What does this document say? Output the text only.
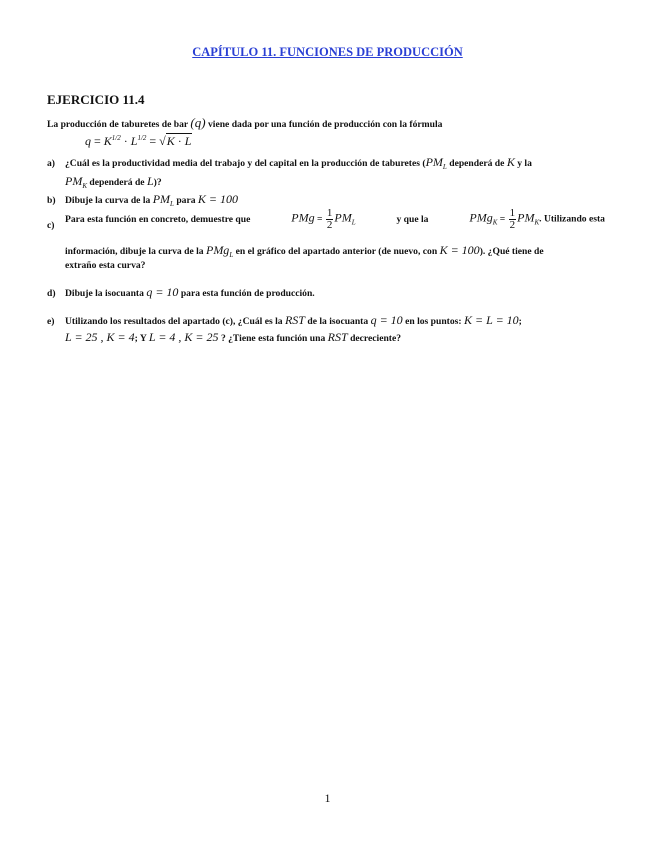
CAPÍTULO 11. FUNCIONES DE PRODUCCIÓN
EJERCICIO 11.4
La producción de taburetes de bar (q) viene dada por una función de producción con la fórmula
$q = K^{1/2} \cdot L^{1/2} = √K \cdot L$
a) ¿Cuál es la productividad media del trabajo y del capital en la producción de taburetes ($PM_L$ dependerá de K y la
$PM_K$ dependerá de L)?
b) Dibuje la curva de la $PM_L$ para K = 100
c)
Para esta función en concreto, demuestre que	PMg = $\frac{1}{2} PM_L$	y que la	$PMg_K = \frac{1}{2} PM_K$. Utilizando esta
información, dibuje la curva de la PMg$_L$ en el gráfico del apartado anterior (de nuevo, con K = 100). ¿Qué tiene de
extraño esta curva?
d) Dibuje la isocuanta q = 10 para esta función de producción.
e) Utilizando los resultados del apartado (c), ¿Cuál es la RST de la isocuanta q = 10 en los puntos: K = L = 10;
L = 25 , K = 4; Y L = 4 , K = 25 ? ¿Tiene esta función una RST decreciente?
1
